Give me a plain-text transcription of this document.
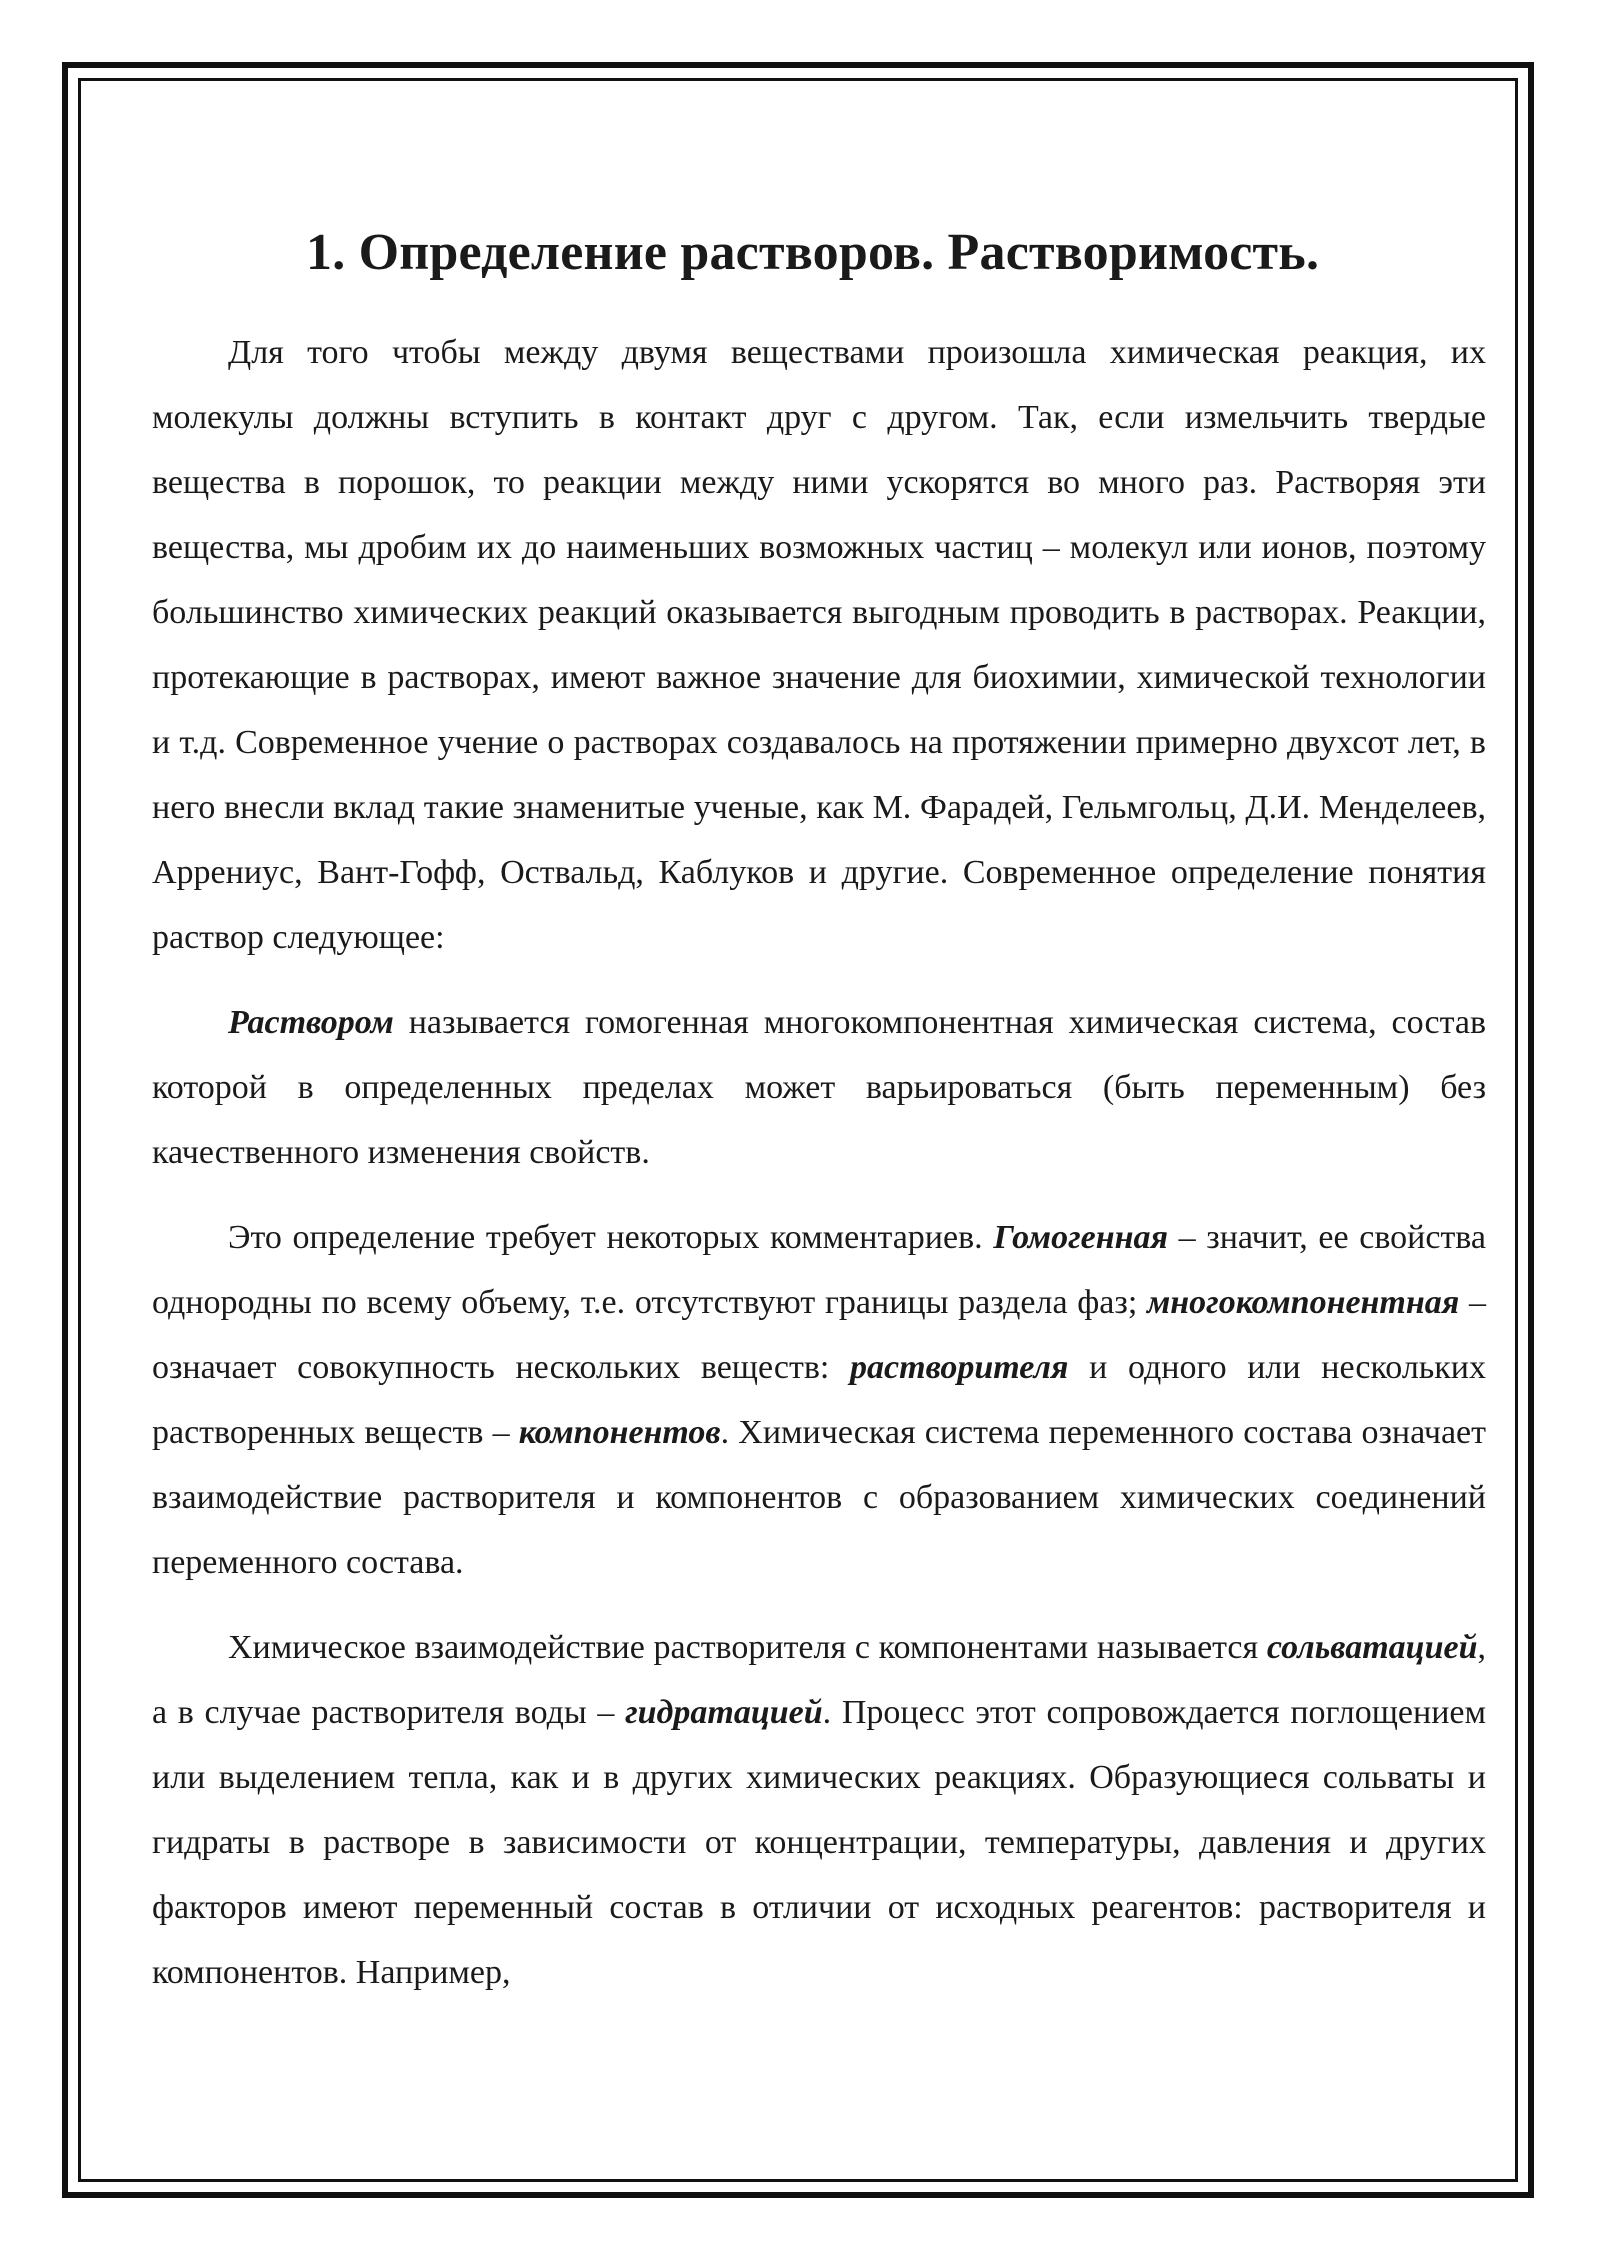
1. Определение растворов. Растворимость.

Для того чтобы между двумя веществами произошла химическая реакция, их молекулы должны вступить в контакт друг с другом. Так, если измельчить твердые вещества в порошок, то реакции между ними ускорятся во много раз. Растворяя эти вещества, мы дробим их до наименьших возможных частиц – молекул или ионов, поэтому большинство химических реакций оказывается выгодным проводить в растворах. Реакции, протекающие в растворах, имеют важное значение для биохимии, химической технологии и т.д. Современное учение о растворах создавалось на протяжении примерно двухсот лет, в него внесли вклад такие знаменитые ученые, как М. Фарадей, Гельмгольц, Д.И. Менделеев, Аррениус, Вант-Гофф, Оствальд, Каблуков и другие. Современное определение понятия раствор следующее:

Раствором называется гомогенная многокомпонентная химическая система, состав которой в определенных пределах может варьироваться (быть переменным) без качественного изменения свойств.

Это определение требует некоторых комментариев. Гомогенная – значит, ее свойства однородны по всему объему, т.е. отсутствуют границы раздела фаз; многокомпонентная – означает совокупность нескольких веществ: растворителя и одного или нескольких растворенных веществ – компонентов. Химическая система переменного состава означает взаимодействие растворителя и компонентов с образованием химических соединений переменного состава.

Химическое взаимодействие растворителя с компонентами называется сольватацией, а в случае растворителя воды – гидратацией. Процесс этот сопровождается поглощением или выделением тепла, как и в других химических реакциях. Образующиеся сольваты и гидраты в растворе в зависимости от концентрации, температуры, давления и других факторов имеют переменный состав в отличии от исходных реагентов: растворителя и компонентов. Например,
